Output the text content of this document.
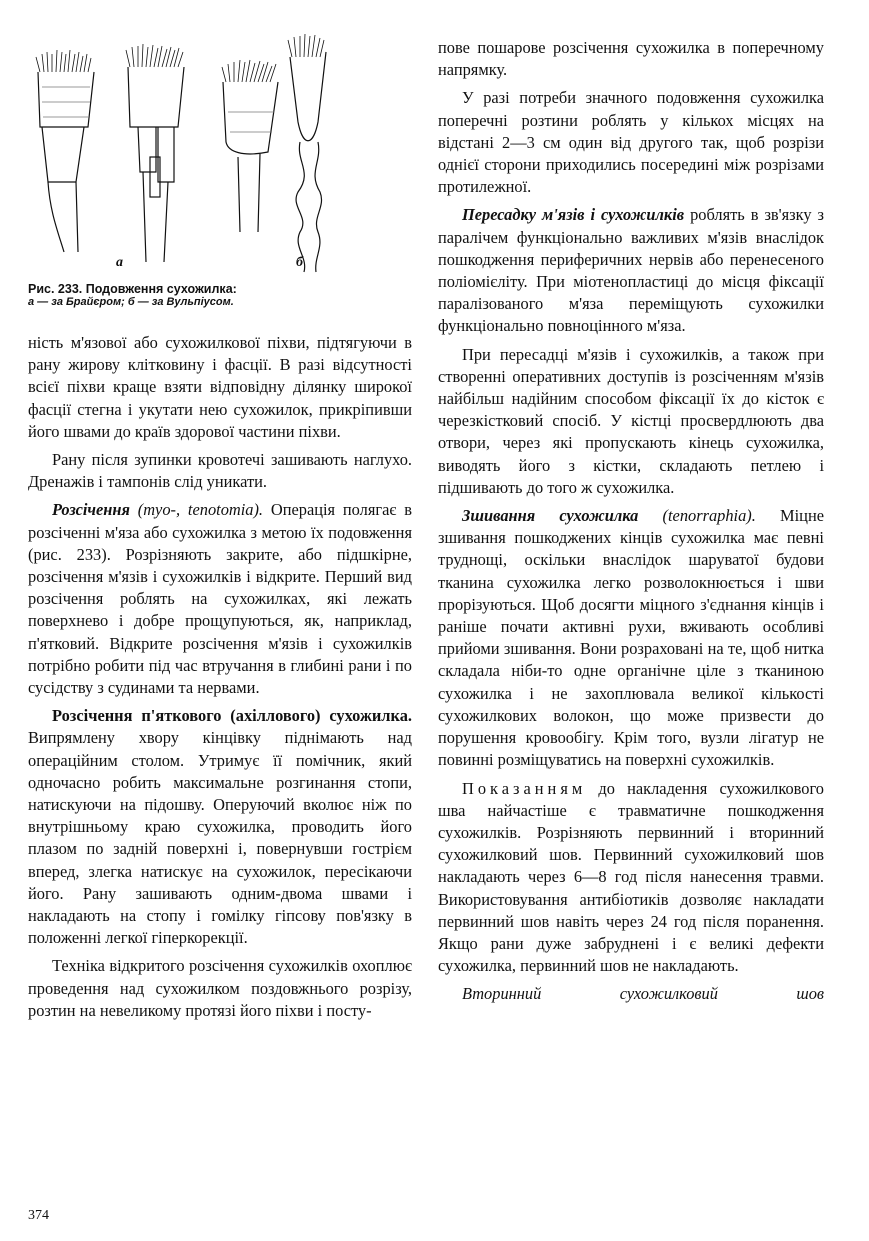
а	б
Рис. 233. Подовження сухожилка:
а — за Брайєром; б — за Вульпіусом.

ність м'язової або сухожилкової піхви, підтягуючи в рану жирову клітковину і фасції. В разі відсутності всієї піхви краще взяти відповідну ділянку широкої фасції стегна і укутати нею сухожилок, прикріпивши його швами до країв здорової частини піхви.

Рану після зупинки кровотечі зашивають наглухо. Дренажів і тампонів слід уникати.

Розсічення (myo-, tenotomia). Операція полягає в розсіченні м'яза або сухожилка з метою їх подовження (рис. 233). Розрізняють закрите, або підшкірне, розсічення м'язів і сухожилків і відкрите. Перший вид розсічення роблять на сухожилках, які лежать поверхнево і добре прощупуються, як, наприклад, п'ятковий. Відкрите розсічення м'язів і сухожилків потрібно робити під час втручання в глибині рани і по сусідству з судинами та нервами.

Розсічення п'яткового (ахіллового) сухожилка. Випрямлену хвору кінцівку піднімають над операційним столом. Утримує її помічник, який одночасно робить максимальне розгинання стопи, натискуючи на підошву. Оперуючий вколює ніж по внутрішньому краю сухожилка, проводить його плазом по задній поверхні і, повернувши гострієм вперед, злегка натискує на сухожилок, пересікаючи його. Рану зашивають одним-двома швами і накладають на стопу і гомілку гіпсову пов'язку в положенні легкої гіперкорекції.

Техніка відкритого розсічення сухожилків охоплює проведення над сухожилком поздовжнього розрізу, розтин на невеликому протязі його піхви і посту-

пове пошарове розсічення сухожилка в поперечному напрямку.

У разі потреби значного подовження сухожилка поперечні розтини роблять у кількох місцях на відстані 2—3 см один від другого так, щоб розрізи однієї сторони приходились посередині між розрізами протилежної.

Пересадку м'язів і сухожилків роблять в зв'язку з паралічем функціонально важливих м'язів внаслідок пошкодження периферичних нервів або перенесеного поліомієліту. При міотенопластиці до місця фіксації паралізованого м'яза переміщують сухожилки функціонально повноцінного м'яза.

При пересадці м'язів і сухожилків, а також при створенні оперативних доступів із розсіченням м'язів найбільш надійним способом фіксації їх до кісток є черезкістковий спосіб. У кістці просвердлюють два отвори, через які пропускають кінець сухожилка, виводять його з кістки, складають петлею і підшивають до того ж сухожилка.

Зшивання сухожилка (tenorraphia). Міцне зшивання пошкоджених кінців сухожилка має певні труднощі, оскільки внаслідок шаруватої будови тканина сухожилка легко розволокнюється і шви прорізуються. Щоб досягти міцного з'єднання кінців і раніше почати активні рухи, вживають особливі прийоми зшивання. Вони розраховані на те, щоб нитка складала ніби-то одне органічне ціле з тканиною сухожилка і не захоплювала великої кількості сухожилкових волокон, що може призвести до порушення кровообігу. Крім того, вузли лігатур не повинні розміщуватись на поверхні сухожилків.

Показанням до накладення сухожилкового шва найчастіше є травматичне пошкодження сухожилків. Розрізняють первинний і вторинний сухожилковий шов. Первинний сухожилковий шов накладають через 6—8 год після нанесення травми. Використовування антибіотиків дозволяє накладати первинний шов навіть через 24 год після поранення. Якщо рани дуже забруднені і є великі дефекти сухожилка, первинний шов не накладають.

Вторинний сухожилковий шов

374
